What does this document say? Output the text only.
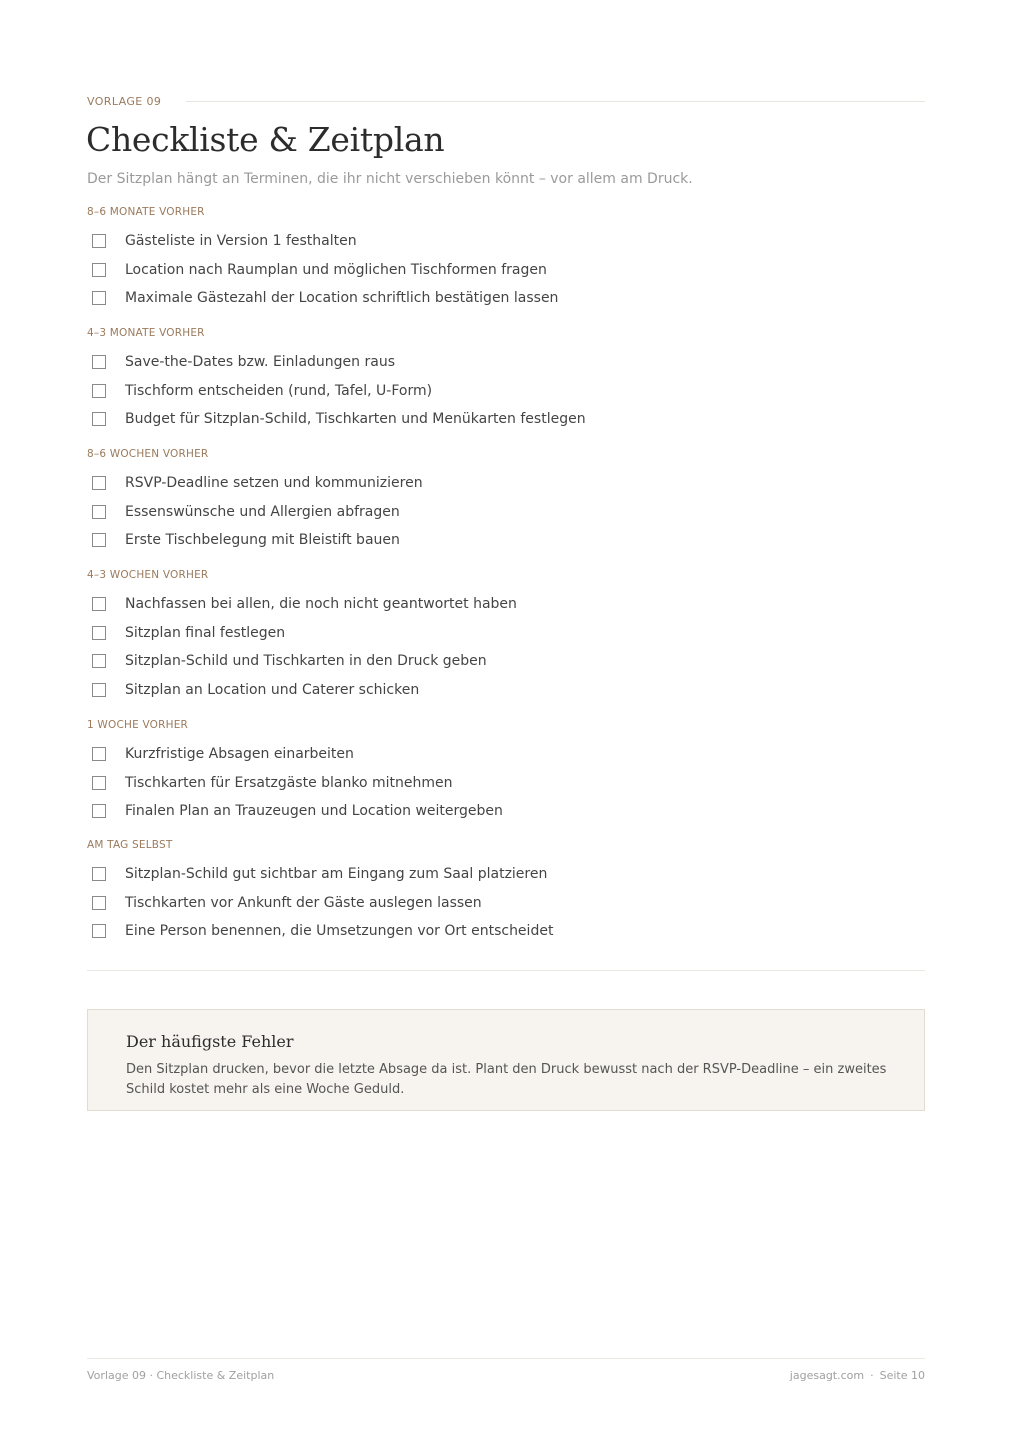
VORLAGE 09
Checkliste & Zeitplan
Der Sitzplan hängt an Terminen, die ihr nicht verschieben könnt – vor allem am Druck.
8–6 MONATE VORHER
Gästeliste in Version 1 festhalten
Location nach Raumplan und möglichen Tischformen fragen
Maximale Gästezahl der Location schriftlich bestätigen lassen
4–3 MONATE VORHER
Save-the-Dates bzw. Einladungen raus
Tischform entscheiden (rund, Tafel, U-Form)
Budget für Sitzplan-Schild, Tischkarten und Menükarten festlegen
8–6 WOCHEN VORHER
RSVP-Deadline setzen und kommunizieren
Essenswünsche und Allergien abfragen
Erste Tischbelegung mit Bleistift bauen
4–3 WOCHEN VORHER
Nachfassen bei allen, die noch nicht geantwortet haben
Sitzplan final festlegen
Sitzplan-Schild und Tischkarten in den Druck geben
Sitzplan an Location und Caterer schicken
1 WOCHE VORHER
Kurzfristige Absagen einarbeiten
Tischkarten für Ersatzgäste blanko mitnehmen
Finalen Plan an Trauzeugen und Location weitergeben
AM TAG SELBST
Sitzplan-Schild gut sichtbar am Eingang zum Saal platzieren
Tischkarten vor Ankunft der Gäste auslegen lassen
Eine Person benennen, die Umsetzungen vor Ort entscheidet
Der häufigste Fehler
Den Sitzplan drucken, bevor die letzte Absage da ist. Plant den Druck bewusst nach der RSVP-Deadline – ein zweites Schild kostet mehr als eine Woche Geduld.
Vorlage 09 · Checkliste & Zeitplan	jagesagt.com · Seite 10
